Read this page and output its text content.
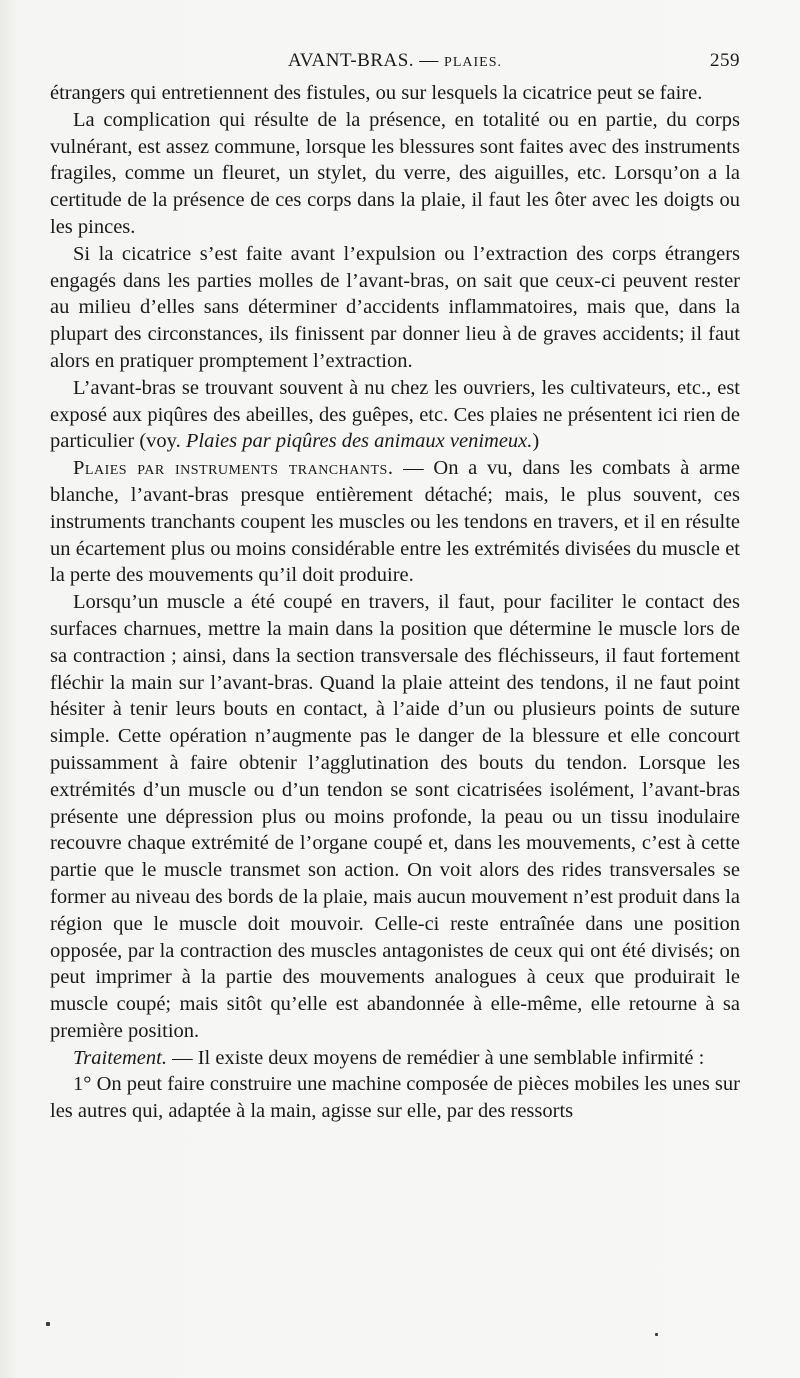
AVANT-BRAS. — PLAIES.	259

étrangers qui entretiennent des fistules, ou sur lesquels la cicatrice peut se faire.

La complication qui résulte de la présence, en totalité ou en partie, du corps vulnérant, est assez commune, lorsque les blessures sont faites avec des instruments fragiles, comme un fleuret, un stylet, du verre, des aiguilles, etc. Lorsqu’on a la certitude de la présence de ces corps dans la plaie, il faut les ôter avec les doigts ou les pinces.

Si la cicatrice s’est faite avant l’expulsion ou l’extraction des corps étrangers engagés dans les parties molles de l’avant-bras, on sait que ceux-ci peuvent rester au milieu d’elles sans déterminer d’accidents inflammatoires, mais que, dans la plupart des circonstances, ils finissent par donner lieu à de graves accidents; il faut alors en pratiquer promptement l’extraction.

L’avant-bras se trouvant souvent à nu chez les ouvriers, les cultivateurs, etc., est exposé aux piqûres des abeilles, des guêpes, etc. Ces plaies ne présentent ici rien de particulier (voy. Plaies par piqûres des animaux venimeux.)

Plaies par instruments tranchants. — On a vu, dans les combats à arme blanche, l’avant-bras presque entièrement détaché; mais, le plus souvent, ces instruments tranchants coupent les muscles ou les tendons en travers, et il en résulte un écartement plus ou moins considérable entre les extrémités divisées du muscle et la perte des mouvements qu’il doit produire.

Lorsqu’un muscle a été coupé en travers, il faut, pour faciliter le contact des surfaces charnues, mettre la main dans la position que détermine le muscle lors de sa contraction ; ainsi, dans la section transversale des fléchisseurs, il faut fortement fléchir la main sur l’avant-bras. Quand la plaie atteint des tendons, il ne faut point hésiter à tenir leurs bouts en contact, à l’aide d’un ou plusieurs points de suture simple. Cette opération n’augmente pas le danger de la blessure et elle concourt puissamment à faire obtenir l’agglutination des bouts du tendon. Lorsque les extrémités d’un muscle ou d’un tendon se sont cicatrisées isolément, l’avant-bras présente une dépression plus ou moins profonde, la peau ou un tissu inodulaire recouvre chaque extrémité de l’organe coupé et, dans les mouvements, c’est à cette partie que le muscle transmet son action. On voit alors des rides transversales se former au niveau des bords de la plaie, mais aucun mouvement n’est produit dans la région que le muscle doit mouvoir. Celle-ci reste entraînée dans une position opposée, par la contraction des muscles antagonistes de ceux qui ont été divisés; on peut imprimer à la partie des mouvements analogues à ceux que produirait le muscle coupé; mais sitôt qu’elle est abandonnée à elle-même, elle retourne à sa première position.

Traitement. — Il existe deux moyens de remédier à une semblable infirmité :

1° On peut faire construire une machine composée de pièces mobiles les unes sur les autres qui, adaptée à la main, agisse sur elle, par des ressorts
